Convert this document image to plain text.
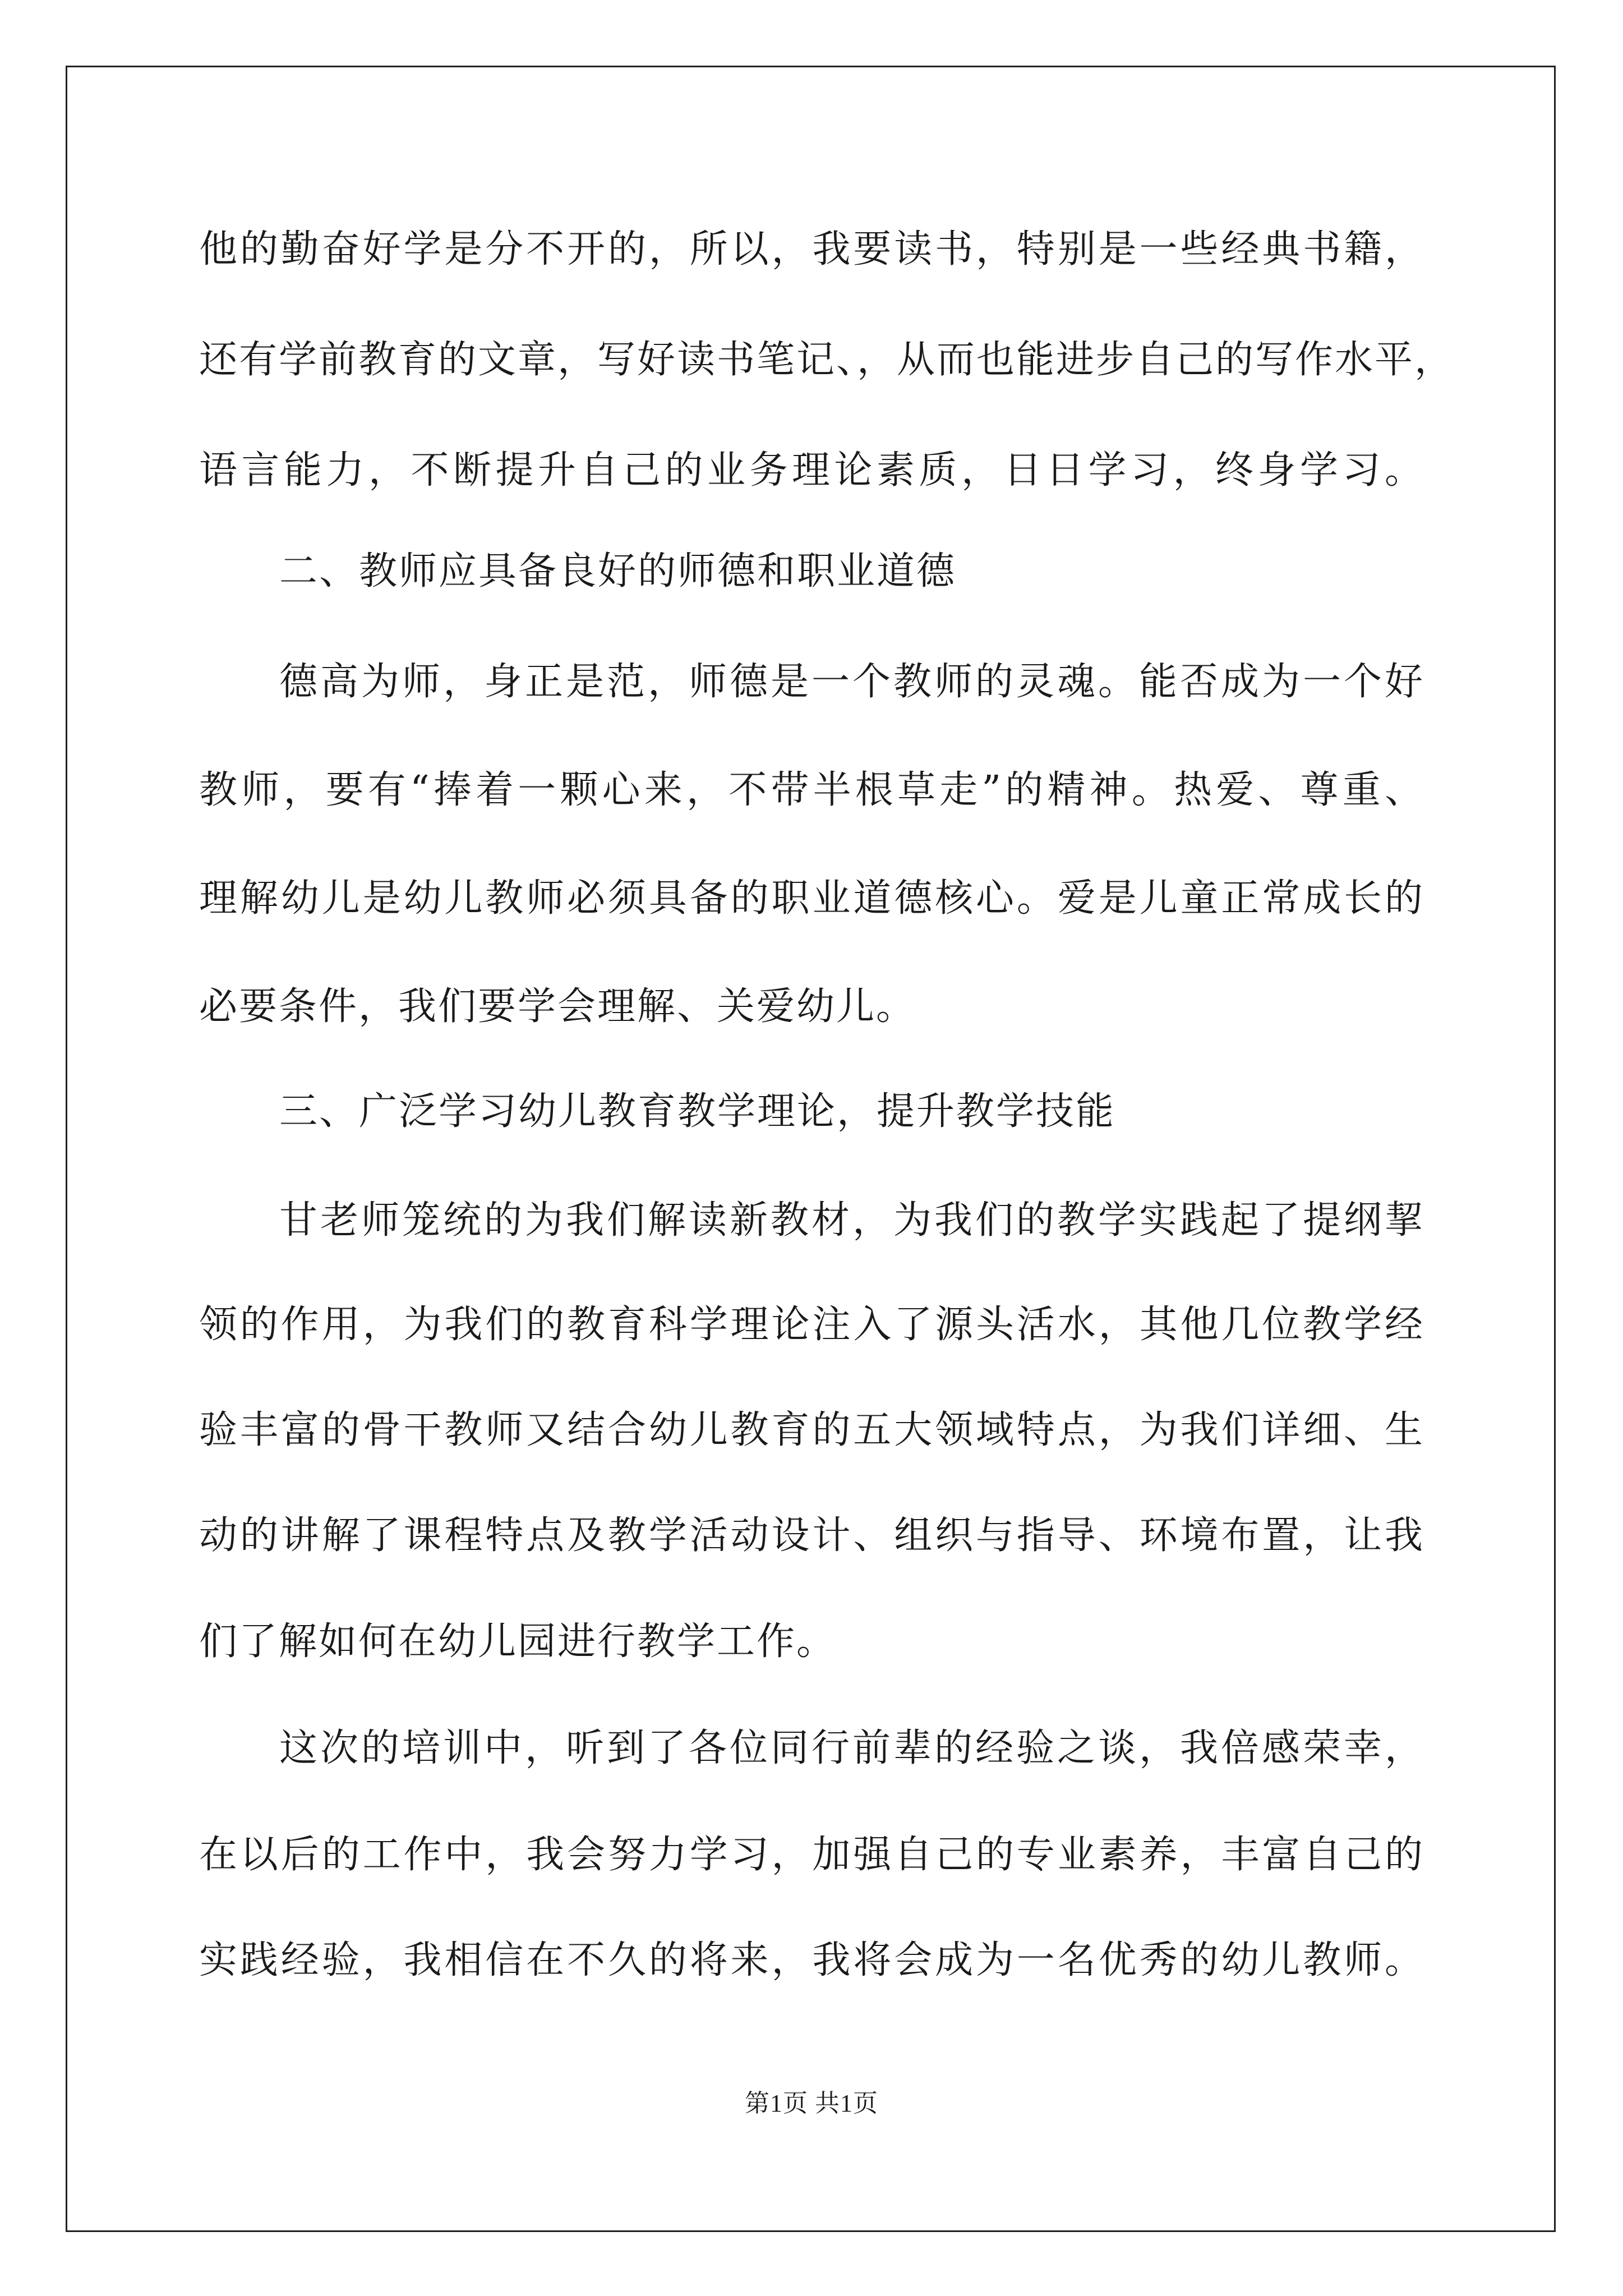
他的勤奋好学是分不开的，所以，我要读书，特别是一些经典书籍，
还有学前教育的文章，写好读书笔记、，从而也能进步自己的写作水平，
语言能力，不断提升自己的业务理论素质，日日学习，终身学习。
二、教师应具备良好的师德和职业道德
德高为师，身正是范，师德是一个教师的灵魂。能否成为一个好
教师，要有“捧着一颗心来，不带半根草走”的精神。热爱、尊重、
理解幼儿是幼儿教师必须具备的职业道德核心。爱是儿童正常成长的
必要条件，我们要学会理解、关爱幼儿。
三、广泛学习幼儿教育教学理论，提升教学技能
甘老师笼统的为我们解读新教材，为我们的教学实践起了提纲挈
领的作用，为我们的教育科学理论注入了源头活水，其他几位教学经
验丰富的骨干教师又结合幼儿教育的五大领域特点，为我们详细、生
动的讲解了课程特点及教学活动设计、组织与指导、环境布置，让我
们了解如何在幼儿园进行教学工作。
这次的培训中，听到了各位同行前辈的经验之谈，我倍感荣幸，
在以后的工作中，我会努力学习，加强自己的专业素养，丰富自己的
实践经验，我相信在不久的将来，我将会成为一名优秀的幼儿教师。
第1页 共1页
